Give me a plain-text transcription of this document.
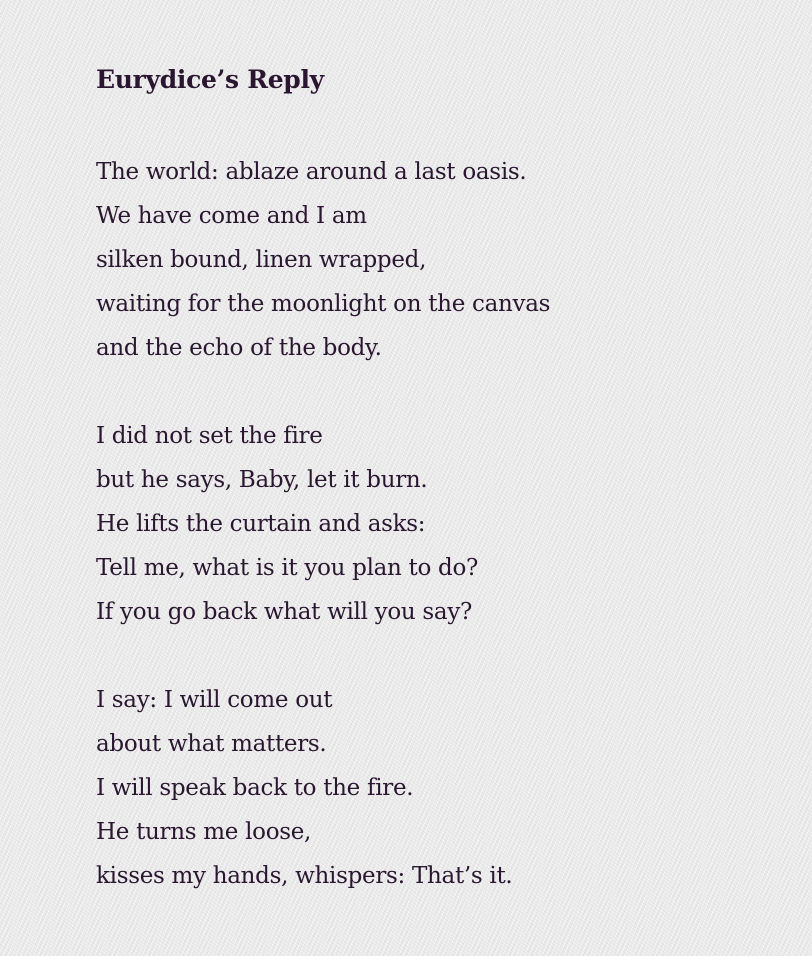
Eurydice’s Reply
The world: ablaze around a last oasis.
We have come and I am
silken bound, linen wrapped,
waiting for the moonlight on the canvas
and the echo of the body.
I did not set the fire
but he says, Baby, let it burn.
He lifts the curtain and asks:
Tell me, what is it you plan to do?
If you go back what will you say?
I say: I will come out
about what matters.
I will speak back to the fire.
He turns me loose,
kisses my hands, whispers: That’s it.
